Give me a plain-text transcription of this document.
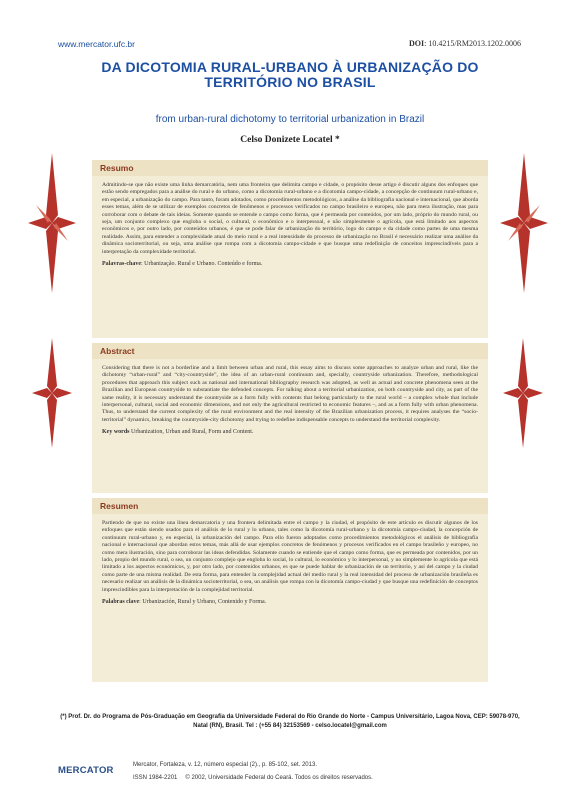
www.mercator.ufc.br	DOI: 10.4215/RM2013.1202.0006
DA DICOTOMIA RURAL-URBANO À URBANIZAÇÃO DO TERRITÓRIO NO BRASIL
from urban-rural dichotomy to territorial urbanization in Brazil
Celso Donizete Locatel *
Resumo
Admitindo-se que não existe uma linha demarcatória, nem uma fronteira que delimita campo e cidade, o propósito desse artigo é discutir alguns dos enfoques que estão sendo empregados para a análise do rural e do urbano, como a dicotomia rural-urbano e a dicotomia campo-cidade, a concepção de continuum rural-urbano e, em especial, a urbanização do campo. Para tanto, foram adotados, como procedimentos metodológicos, a análise da bibliografia nacional e internacional, que aborda esses temas, além de se utilizar de exemplos concretos de fenômenos e processos verificados no campo brasileiro e europeu, não para mera ilustração, mas para corroborar com o debate de tais ideias. Somente quando se entende o campo como forma, que é permeada por conteúdos, por um lado, próprio do mundo rural, ou seja, um conjunto complexo que engloba o social, o cultural, o econômico e o interpessoal, e não simplesmente o agrícola, que está limitado aos aspectos econômicos e, por outro lado, por conteúdos urbanos, é que se pode falar de urbanização do território, logo do campo e da cidade como partes de uma mesma realidade. Assim, para entender a complexidade atual do meio rural e a real intensidade do processo de urbanização no Brasil é necessário realizar uma análise da dinâmica socioterritorial, ou seja, uma análise que rompa com a dicotomia campo-cidade e que busque uma redefinição de conceitos imprescindíveis para a interpretação da complexidade territorial.
Palavras-chave: Urbanização. Rural e Urbano. Conteúdo e forma.
Abstract
Considering that there is not a borderline and a limit between urban and rural, this essay aims to discuss some approaches to analyze urban and rural, like the dichotomy “urban-rural” and “city-countryside”, the idea of an urban-rural continuum and, specially, countryside urbanization. Therefore, methodological procedures that approach this subject such as national and international bibliography research was adopted, as well as actual and concrete phenomena seen at the Brazilian and European countryside to substantiate the defended concepts. For talking about a territorial urbanization, on both countryside and city, as part of the same reality, it is necessary understand the countryside as a form fully with contents that belong particularly to the rural world – a complex whole that include interpersonal, cultural, social and economic dimensions, and not only the agricultural restricted to economic features –, and as a form fully with urban phenomena. Thus, to understand the current complexity of the rural environment and the real intensity of the Brazilian urbanization process, it requires analyses the “socio-territorial” dynamics, breaking the countryside-city dichotomy and trying to redefine indispensable concepts to understand the territorial complexity.
Key words Urbanization, Urban and Rural, Form and Content.
Resumen
Partiendo de que no existe una línea demarcatoria y una frontera delimitada entre el campo y la ciudad, el propósito de este artículo es discutir algunos de los enfoques que están siendo usados para el análisis de lo rural y lo urbano, tales como la dicotomía rural-urbano y la dicotomía campo-ciudad, la concepción de continuum rural-urbano y, en especial, la urbanización del campo. Para ello fueron adoptados como procedimientos metodológicos el análisis de bibliografía nacional e internacional que abordan estos temas, más allá de usar ejemplos concretos de fenómenos y procesos verificados en el campo brasileño y europeo, no como mera ilustración, sino para corroborar las ideas defendidas. Solamente cuando se entiende que el campo como forma, que es permeada por contenidos, por un lado, propio del mundo rural, o sea, un conjunto complejo que engloba lo social, lo cultural, lo económico y lo interpersonal, y no simplemente lo agrícola que está limitado a los aspectos económicos, y, por otro lado, por contenidos urbanos, es que se puede hablar de urbanización de un territorio, y así del campo y la ciudad como parte de una misma realidad. De esta forma, para entender la complejidad actual del medio rural y la real intensidad del proceso de urbanización brasileña es necesario realizar un análisis de la dinámica socioterritorial, o sea, un análisis que rompa con la dicotomía campo-ciudad y que busque una redefinición de conceptos imprescindibles para la interpretación de la complejidad territorial.
Palabras clave: Urbanización, Rural y Urbano, Contenido y Forma.
(*) Prof. Dr. do Programa de Pós-Graduação em Geografia da Universidade Federal do Rio Grande do Norte - Campus Universitário, Lagoa Nova, CEP: 59078-970, Natal (RN), Brasil. Tel : (+55 84) 32153569 - celso.locatel@gmail.com
MERCATOR	Mercator, Fortaleza, v. 12, número especial (2)., p. 85-102, set. 2013.
ISSN 1984-2201 © 2002, Universidade Federal do Ceará. Todos os direitos reservados.
